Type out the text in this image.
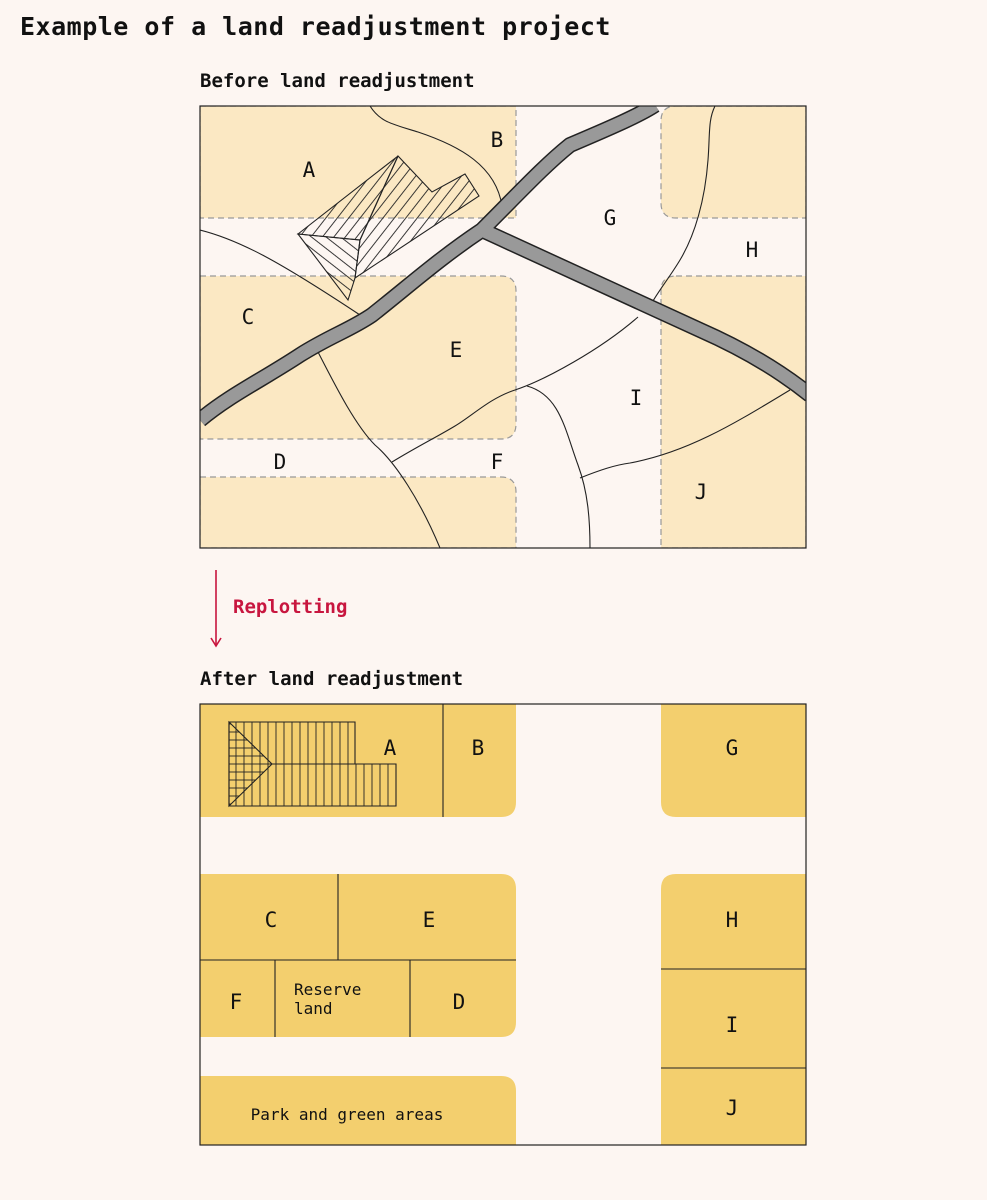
Example of a land readjustment project
Before land readjustment
After land readjustment
A
B
C
D
E
F
G
H
I
J
Replotting
A	B
C
D
E
F
G
H
I
J
Reserve
land
Park and green areas
